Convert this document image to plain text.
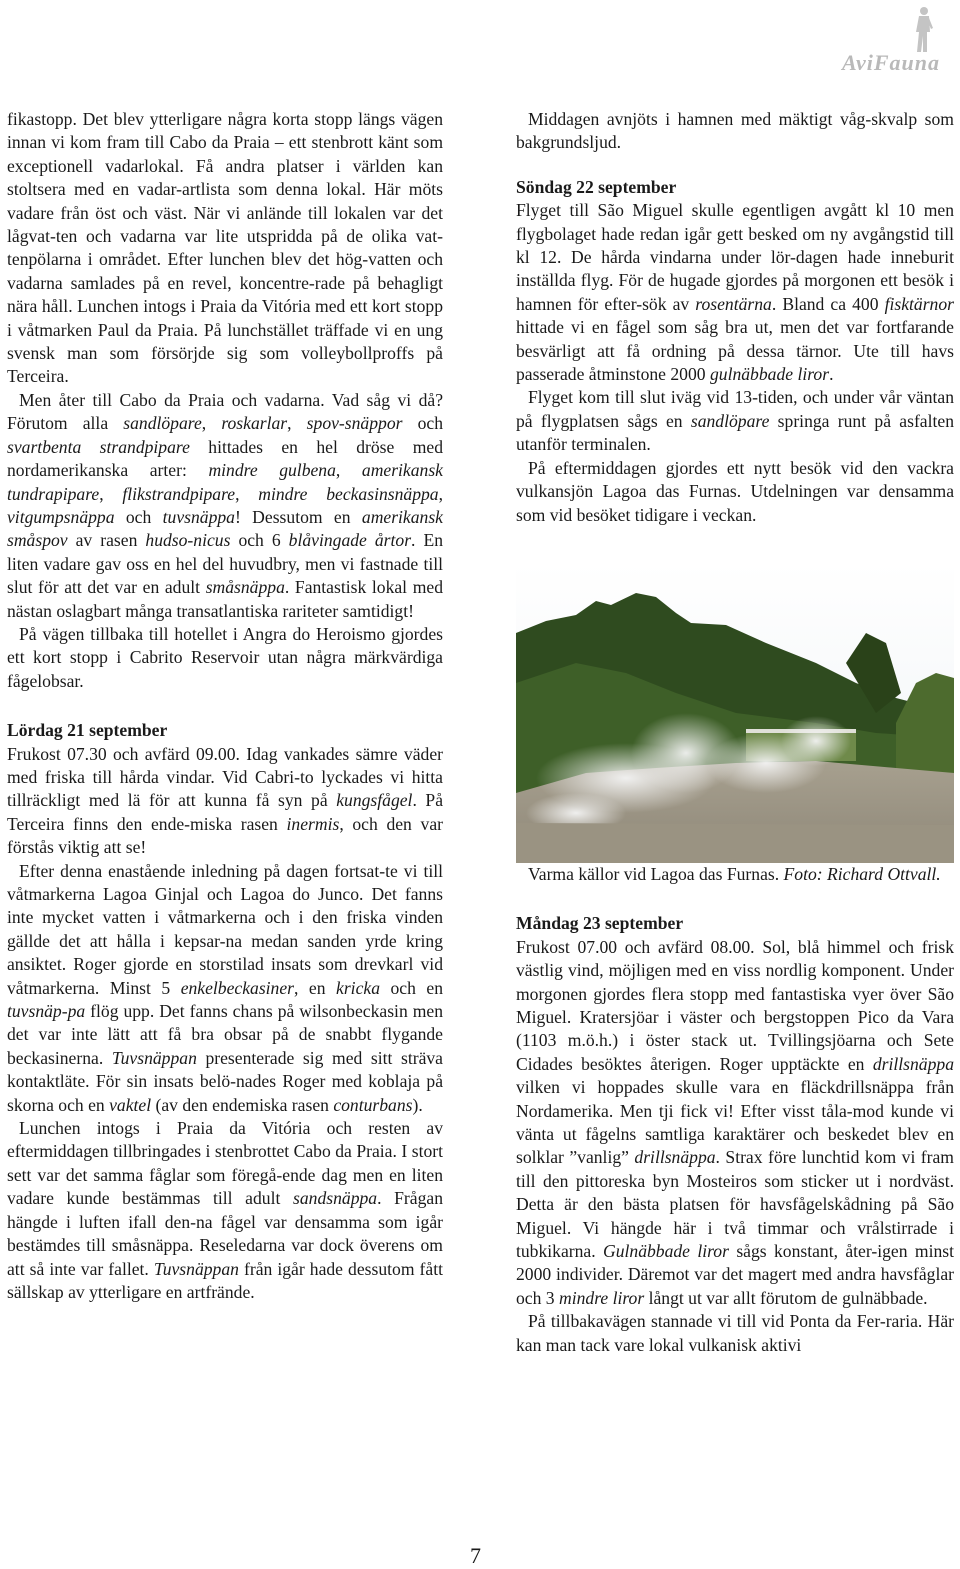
AviFauna

fikastopp. Det blev ytterligare några korta stopp längs vägen innan vi kom fram till Cabo da Praia – ett stenbrott känt som exceptionell vadarlokal. Få andra platser i världen kan stoltsera med en vadar-artlista som denna lokal. Här möts vadare från öst och väst. När vi anlände till lokalen var det lågvat-ten och vadarna var lite utspridda på de olika vat-tenpölarna i området. Efter lunchen blev det hög-vatten och vadarna samlades på en revel, koncentre-rade på behagligt nära håll. Lunchen intogs i Praia da Vitória med ett kort stopp i våtmarken Paul da Praia. På lunchstället träffade vi en ung svensk man som försörjde sig som volleybollproffs på Terceira.

Men åter till Cabo da Praia och vadarna. Vad såg vi då? Förutom alla sandlöpare, roskarlar, spov-snäppor och svartbenta strandpipare hittades en hel dröse med nordamerikanska arter: mindre gulbena, amerikansk tundrapipare, flikstrandpipare, mindre beckasinsnäppa, vitgumpsnäppa och tuvsnäppa! Dessutom en amerikansk småspov av rasen hudso-nicus och 6 blåvingade årtor. En liten vadare gav oss en hel del huvudbry, men vi fastnade till slut för att det var en adult småsnäppa. Fantastisk lokal med nästan oslagbart många transatlantiska rariteter samtidigt!

På vägen tillbaka till hotellet i Angra do Heroismo gjordes ett kort stopp i Cabrito Reservoir utan några märkvärdiga fågelobsar.

Lördag 21 september

Frukost 07.30 och avfärd 09.00. Idag vankades sämre väder med friska till hårda vindar. Vid Cabri-to lyckades vi hitta tillräckligt med lä för att kunna få syn på kungsfågel. På Terceira finns den ende-miska rasen inermis, och den var förstås viktig att se!

Efter denna enastående inledning på dagen fortsat-te vi till våtmarkerna Lagoa Ginjal och Lagoa do Junco. Det fanns inte mycket vatten i våtmarkerna och i den friska vinden gällde det att hålla i kepsar-na medan sanden yrde kring ansiktet. Roger gjorde en storstilad insats som drevkarl vid våtmarkerna. Minst 5 enkelbeckasiner, en kricka och en tuvsnäp-pa flög upp. Det fanns chans på wilsonbeckasin men det var inte lätt att få bra obsar på de snabbt flygande beckasinerna. Tuvsnäppan presenterade sig med sitt sträva kontaktläte. För sin insats belö-nades Roger med koblaja på skorna och en vaktel (av den endemiska rasen conturbans).

Lunchen intogs i Praia da Vitória och resten av eftermiddagen tillbringades i stenbrottet Cabo da Praia. I stort sett var det samma fåglar som föregå-ende dag men en liten vadare kunde bestämmas till adult sandsnäppa. Frågan hängde i luften ifall den-na fågel var densamma som igår bestämdes till småsnäppa. Reseledarna var dock överens om att så inte var fallet. Tuvsnäppan från igår hade dessutom fått sällskap av ytterligare en artfrände.

Middagen avnjöts i hamnen med mäktigt våg-skvalp som bakgrundsljud.

Söndag 22 september

Flyget till São Miguel skulle egentligen avgått kl 10 men flygbolaget hade redan igår gett besked om ny avgångstid till kl 12. De hårda vindarna under lör-dagen hade inneburit inställda flyg. För de hugade gjordes på morgonen ett besök i hamnen för efter-sök av rosentärna. Bland ca 400 fisktärnor hittade vi en fågel som såg bra ut, men det var fortfarande besvärligt att få ordning på dessa tärnor. Ute till havs passerade åtminstone 2000 gulnäbbade liror.

Flyget kom till slut iväg vid 13-tiden, och under vår väntan på flygplatsen sågs en sandlöpare springa runt på asfalten utanför terminalen.

På eftermiddagen gjordes ett nytt besök vid den vackra vulkansjön Lagoa das Furnas. Utdelningen var densamma som vid besöket tidigare i veckan.

Varma källor vid Lagoa das Furnas. Foto: Richard Ottvall.

Måndag 23 september

Frukost 07.00 och avfärd 08.00. Sol, blå himmel och frisk västlig vind, möjligen med en viss nordlig komponent. Under morgonen gjordes flera stopp med fantastiska vyer över São Miguel. Kratersjöar i väster och bergstoppen Pico da Vara (1103 m.ö.h.) i öster stack ut. Tvillingsjöarna och Sete Cidades besöktes återigen. Roger upptäckte en drillsnäppa vilken vi hoppades skulle vara en fläckdrillsnäppa från Nordamerika. Men tji fick vi! Efter visst tåla-mod kunde vi vänta ut fågelns samtliga karaktärer och beskedet blev en solklar ”vanlig” drillsnäppa. Strax före lunchtid kom vi fram till den pittoreska byn Mosteiros som sticker ut i nordväst. Detta är den bästa platsen för havsfågelskådning på São Miguel. Vi hängde här i två timmar och vrålstirrade i tubkikarna. Gulnäbbade liror sågs konstant, åter-igen minst 2000 individer. Däremot var det magert med andra havsfåglar och 3 mindre liror långt ut var allt förutom de gulnäbbade.

På tillbakavägen stannade vi till vid Ponta da Fer-raria. Här kan man tack vare lokal vulkanisk aktivi

7
